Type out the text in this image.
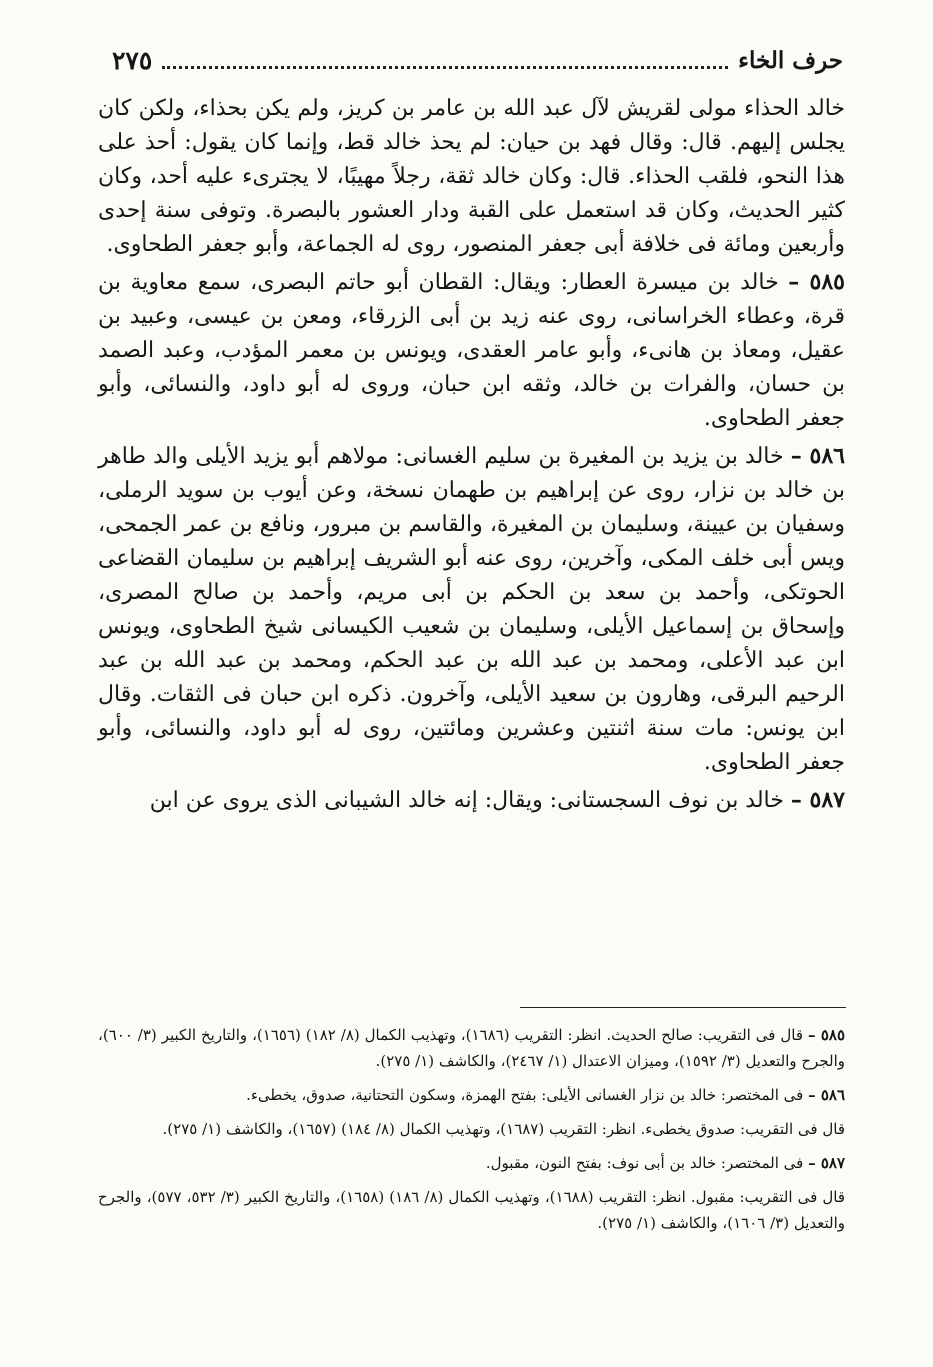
حرف الخاء
٢٧٥

خالد الحذاء مولى لقريش لآل عبد الله بن عامر بن كريز، ولم يكن بحذاء، ولكن كان يجلس إليهم. قال: وقال فهد بن حيان: لم يحذ خالد قط، وإنما كان يقول: أحذ على هذا النحو، فلقب الحذاء. قال: وكان خالد ثقة، رجلاً مهيبًا، لا يجترىء عليه أحد، وكان كثير الحديث، وكان قد استعمل على القبة ودار العشور بالبصرة. وتوفى سنة إحدى وأربعين ومائة فى خلافة أبى جعفر المنصور، روى له الجماعة، وأبو جعفر الطحاوى.

٥٨٥ – خالد بن ميسرة العطار: ويقال: القطان أبو حاتم البصرى، سمع معاوية بن قرة، وعطاء الخراسانى، روى عنه زيد بن أبى الزرقاء، ومعن بن عيسى، وعبيد بن عقيل، ومعاذ بن هانىء، وأبو عامر العقدى، ويونس بن معمر المؤدب، وعبد الصمد بن حسان، والفرات بن خالد، وثقه ابن حبان، وروى له أبو داود، والنسائى، وأبو جعفر الطحاوى.

٥٨٦ – خالد بن يزيد بن المغيرة بن سليم الغسانى: مولاهم أبو يزيد الأيلى والد طاهر بن خالد بن نزار، روى عن إبراهيم بن طهمان نسخة، وعن أيوب بن سويد الرملى، وسفيان بن عيينة، وسليمان بن المغيرة، والقاسم بن مبرور، ونافع بن عمر الجمحى، ويس أبى خلف المكى، وآخرين، روى عنه أبو الشريف إبراهيم بن سليمان القضاعى الحوتكى، وأحمد بن سعد بن الحكم بن أبى مريم، وأحمد بن صالح المصرى، وإسحاق بن إسماعيل الأيلى، وسليمان بن شعيب الكيسانى شيخ الطحاوى، ويونس ابن عبد الأعلى، ومحمد بن عبد الله بن عبد الحكم، ومحمد بن عبد الله بن عبد الرحيم البرقى، وهارون بن سعيد الأيلى، وآخرون. ذكره ابن حبان فى الثقات. وقال ابن يونس: مات سنة اثنتين وعشرين ومائتين، روى له أبو داود، والنسائى، وأبو جعفر الطحاوى.

٥٨٧ – خالد بن نوف السجستانى: ويقال: إنه خالد الشيبانى الذى يروى عن ابن

٥٨٥ – قال فى التقريب: صالح الحديث. انظر: التقريب (١٦٨٦)، وتهذيب الكمال (٨/ ١٨٢) (١٦٥٦)، والتاريخ الكبير (٣/ ٦٠٠)، والجرح والتعديل (٣/ ١٥٩٢)، وميزان الاعتدال (١/ ٢٤٦٧)، والكاشف (١/ ٢٧٥).

٥٨٦ – فى المختصر: خالد بن نزار الغسانى الأيلى: بفتح الهمزة، وسكون التحتانية، صدوق، يخطىء.

قال فى التقريب: صدوق يخطىء. انظر: التقريب (١٦٨٧)، وتهذيب الكمال (٨/ ١٨٤) (١٦٥٧)، والكاشف (١/ ٢٧٥).

٥٨٧ – فى المختصر: خالد بن أبى نوف: بفتح النون، مقبول.

قال فى التقريب: مقبول. انظر: التقريب (١٦٨٨)، وتهذيب الكمال (٨/ ١٨٦) (١٦٥٨)، والتاريخ الكبير (٣/ ٥٣٢، ٥٧٧)، والجرح والتعديل (٣/ ١٦٠٦)، والكاشف (١/ ٢٧٥).
